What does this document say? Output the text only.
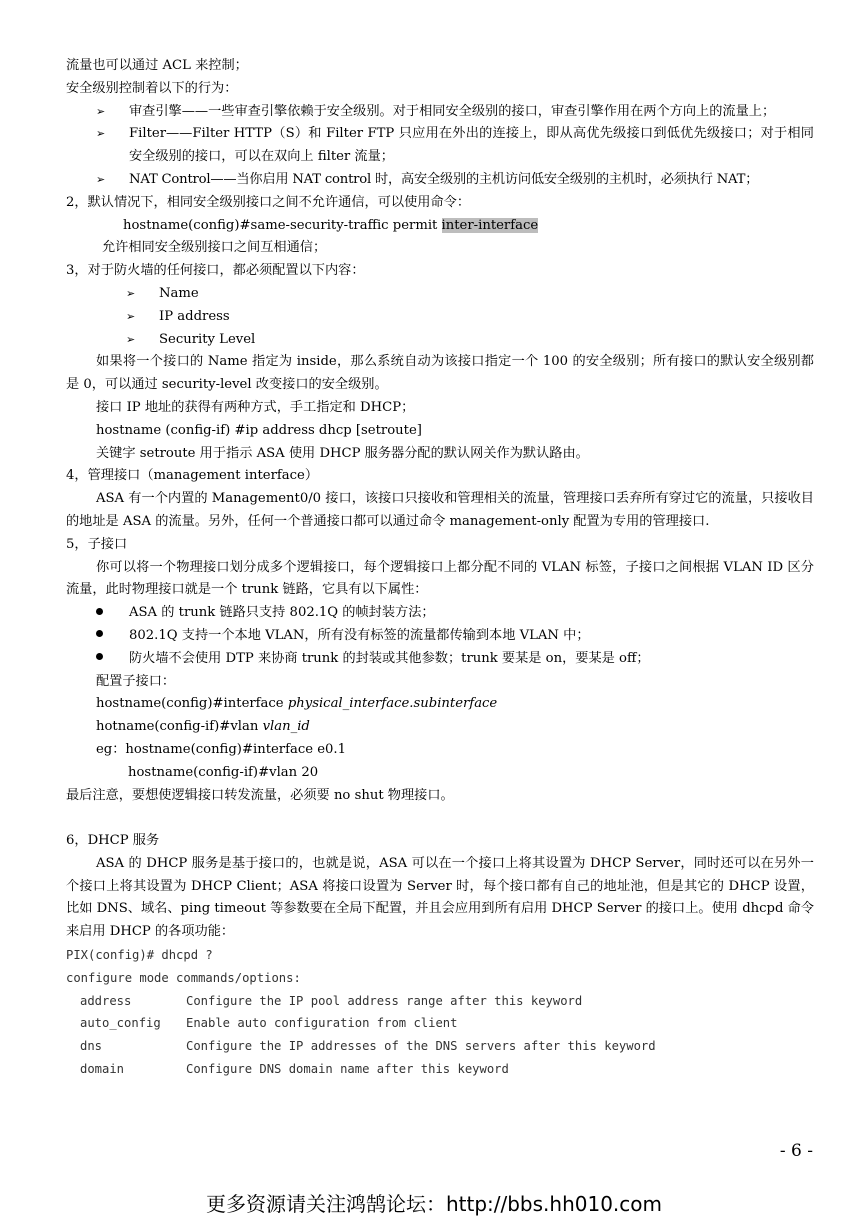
流量也可以通过 ACL 来控制；
安全级别控制着以下的行为：
➢	审查引擎——一些审查引擎依赖于安全级别。对于相同安全级别的接口，审查引擎作用在两个方向上的流量上；
➢	Filter——Filter HTTP（S）和 Filter FTP 只应用在外出的连接上，即从高优先级接口到低优先级接口；对于相同安全级别的接口，可以在双向上 filter 流量；
➢	NAT Control——当你启用 NAT control 时，高安全级别的主机访问低安全级别的主机时，必须执行 NAT；
2，默认情况下，相同安全级别接口之间不允许通信，可以使用命令：
hostname(config)#same-security-traffic permit inter-interface
允许相同安全级别接口之间互相通信；
3，对于防火墙的任何接口，都必须配置以下内容：
➢	Name
➢	IP address
➢	Security Level
如果将一个接口的 Name 指定为 inside，那么系统自动为该接口指定一个 100 的安全级别；所有接口的默认安全级别都是 0，可以通过 security-level 改变接口的安全级别。
接口 IP 地址的获得有两种方式，手工指定和 DHCP；
hostname (config-if) #ip address dhcp [setroute]
关键字 setroute 用于指示 ASA 使用 DHCP 服务器分配的默认网关作为默认路由。
4，管理接口（management interface）
ASA 有一个内置的 Management0/0 接口，该接口只接收和管理相关的流量，管理接口丢弃所有穿过它的流量，只接收目的地址是 ASA 的流量。另外，任何一个普通接口都可以通过命令 management-only 配置为专用的管理接口.
5，子接口
你可以将一个物理接口划分成多个逻辑接口，每个逻辑接口上都分配不同的 VLAN 标签，子接口之间根据 VLAN ID 区分流量，此时物理接口就是一个 trunk 链路，它具有以下属性：
ASA 的 trunk 链路只支持 802.1Q 的帧封装方法；
802.1Q 支持一个本地 VLAN，所有没有标签的流量都传输到本地 VLAN 中；
防火墙不会使用 DTP 来协商 trunk 的封装或其他参数；trunk 要某是 on，要某是 off；
配置子接口：
hostname(config)#interface physical_interface.subinterface
hotname(config-if)#vlan vlan_id
eg：hostname(config)#interface e0.1
hostname(config-if)#vlan 20
最后注意，要想使逻辑接口转发流量，必须要 no shut 物理接口。
6，DHCP 服务
ASA 的 DHCP 服务是基于接口的，也就是说，ASA 可以在一个接口上将其设置为 DHCP Server，同时还可以在另外一个接口上将其设置为 DHCP Client；ASA 将接口设置为 Server 时，每个接口都有自己的地址池，但是其它的 DHCP 设置，比如 DNS、域名、ping timeout 等参数要在全局下配置，并且会应用到所有启用 DHCP Server 的接口上。使用 dhcpd 命令来启用 DHCP 的各项功能：
PIX(config)# dhcpd ?
configure mode commands/options:
address	Configure the IP pool address range after this keyword
auto_config	Enable auto configuration from client
dns	Configure the IP addresses of the DNS servers after this keyword
domain	Configure DNS domain name after this keyword
- 6 -
更多资源请关注鸿鹄论坛：http://bbs.hh010.com
